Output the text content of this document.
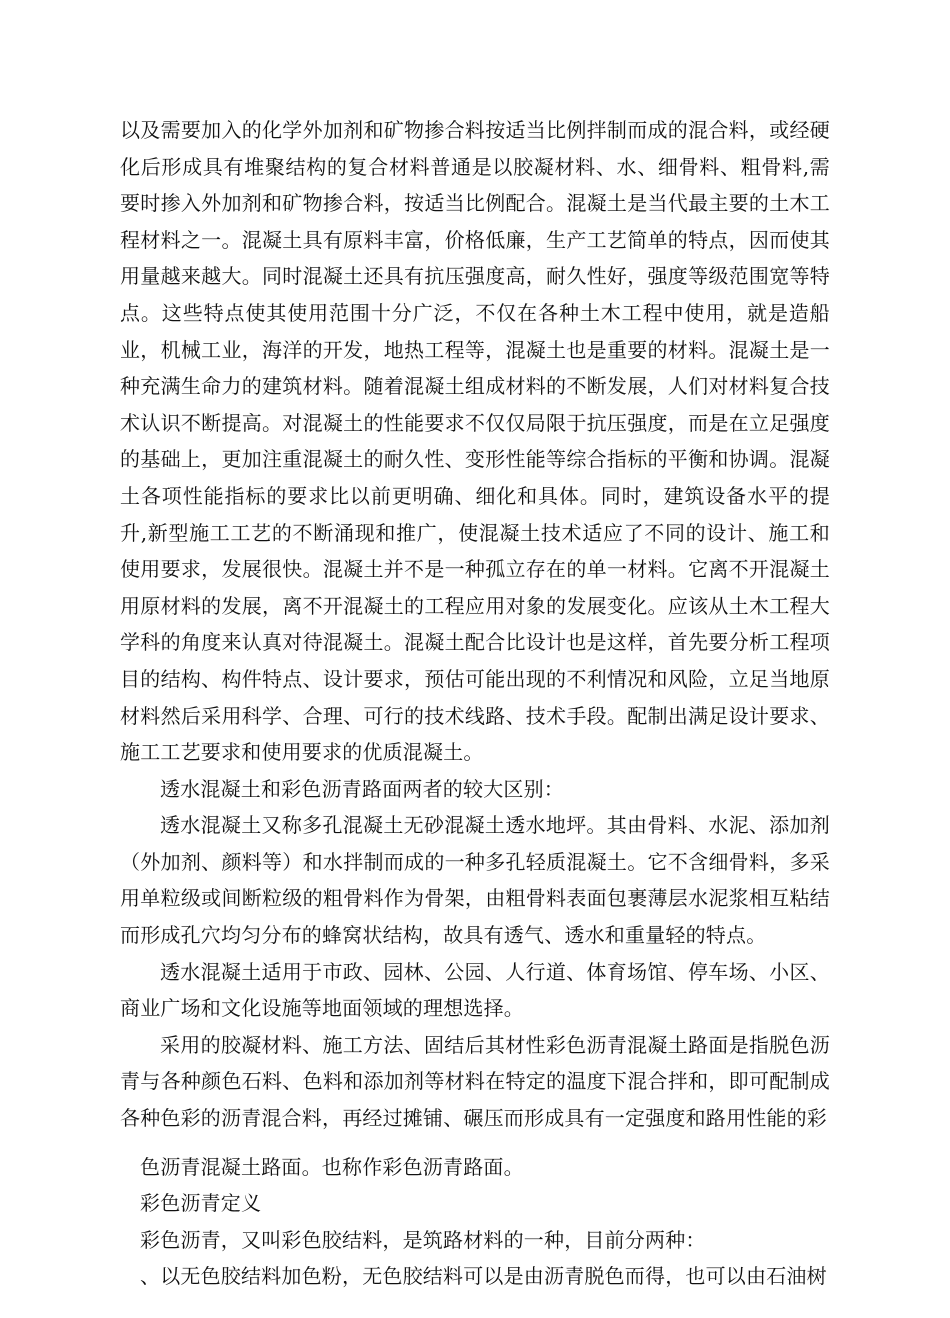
以及需要加入的化学外加剂和矿物掺合料按适当比例拌制而成的混合料，或经硬化后形成具有堆聚结构的复合材料普通是以胶凝材料、水、细骨料、粗骨料,需要时掺入外加剂和矿物掺合料，按适当比例配合。混凝土是当代最主要的土木工程材料之一。混凝土具有原料丰富，价格低廉，生产工艺简单的特点，因而使其用量越来越大。同时混凝土还具有抗压强度高，耐久性好，强度等级范围宽等特点。这些特点使其使用范围十分广泛，不仅在各种土木工程中使用，就是造船业，机械工业，海洋的开发，地热工程等，混凝土也是重要的材料。混凝土是一种充满生命力的建筑材料。随着混凝土组成材料的不断发展，人们对材料复合技术认识不断提高。对混凝土的性能要求不仅仅局限于抗压强度，而是在立足强度的基础上，更加注重混凝土的耐久性、变形性能等综合指标的平衡和协调。混凝土各项性能指标的要求比以前更明确、细化和具体。同时，建筑设备水平的提升,新型施工工艺的不断涌现和推广，使混凝土技术适应了不同的设计、施工和使用要求，发展很快。混凝土并不是一种孤立存在的单一材料。它离不开混凝土用原材料的发展，离不开混凝土的工程应用对象的发展变化。应该从土木工程大学科的角度来认真对待混凝土。混凝土配合比设计也是这样，首先要分析工程项目的结构、构件特点、设计要求，预估可能出现的不利情况和风险，立足当地原材料然后采用科学、合理、可行的技术线路、技术手段。配制出满足设计要求、施工工艺要求和使用要求的优质混凝土。

透水混凝土和彩色沥青路面两者的较大区别：

透水混凝土又称多孔混凝土无砂混凝土透水地坪。其由骨料、水泥、添加剂（外加剂、颜料等）和水拌制而成的一种多孔轻质混凝土。它不含细骨料，多采用单粒级或间断粒级的粗骨料作为骨架，由粗骨料表面包裹薄层水泥浆相互粘结而形成孔穴均匀分布的蜂窝状结构，故具有透气、透水和重量轻的特点。

透水混凝土适用于市政、园林、公园、人行道、体育场馆、停车场、小区、商业广场和文化设施等地面领域的理想选择。

采用的胶凝材料、施工方法、固结后其材性彩色沥青混凝土路面是指脱色沥青与各种颜色石料、色料和添加剂等材料在特定的温度下混合拌和，即可配制成各种色彩的沥青混合料，再经过摊铺、碾压而形成具有一定强度和路用性能的彩

色沥青混凝土路面。也称作彩色沥青路面。

彩色沥青定义

彩色沥青，又叫彩色胶结料，是筑路材料的一种，目前分两种：

、以无色胶结料加色粉，无色胶结料可以是由沥青脱色而得，也可以由石油树
